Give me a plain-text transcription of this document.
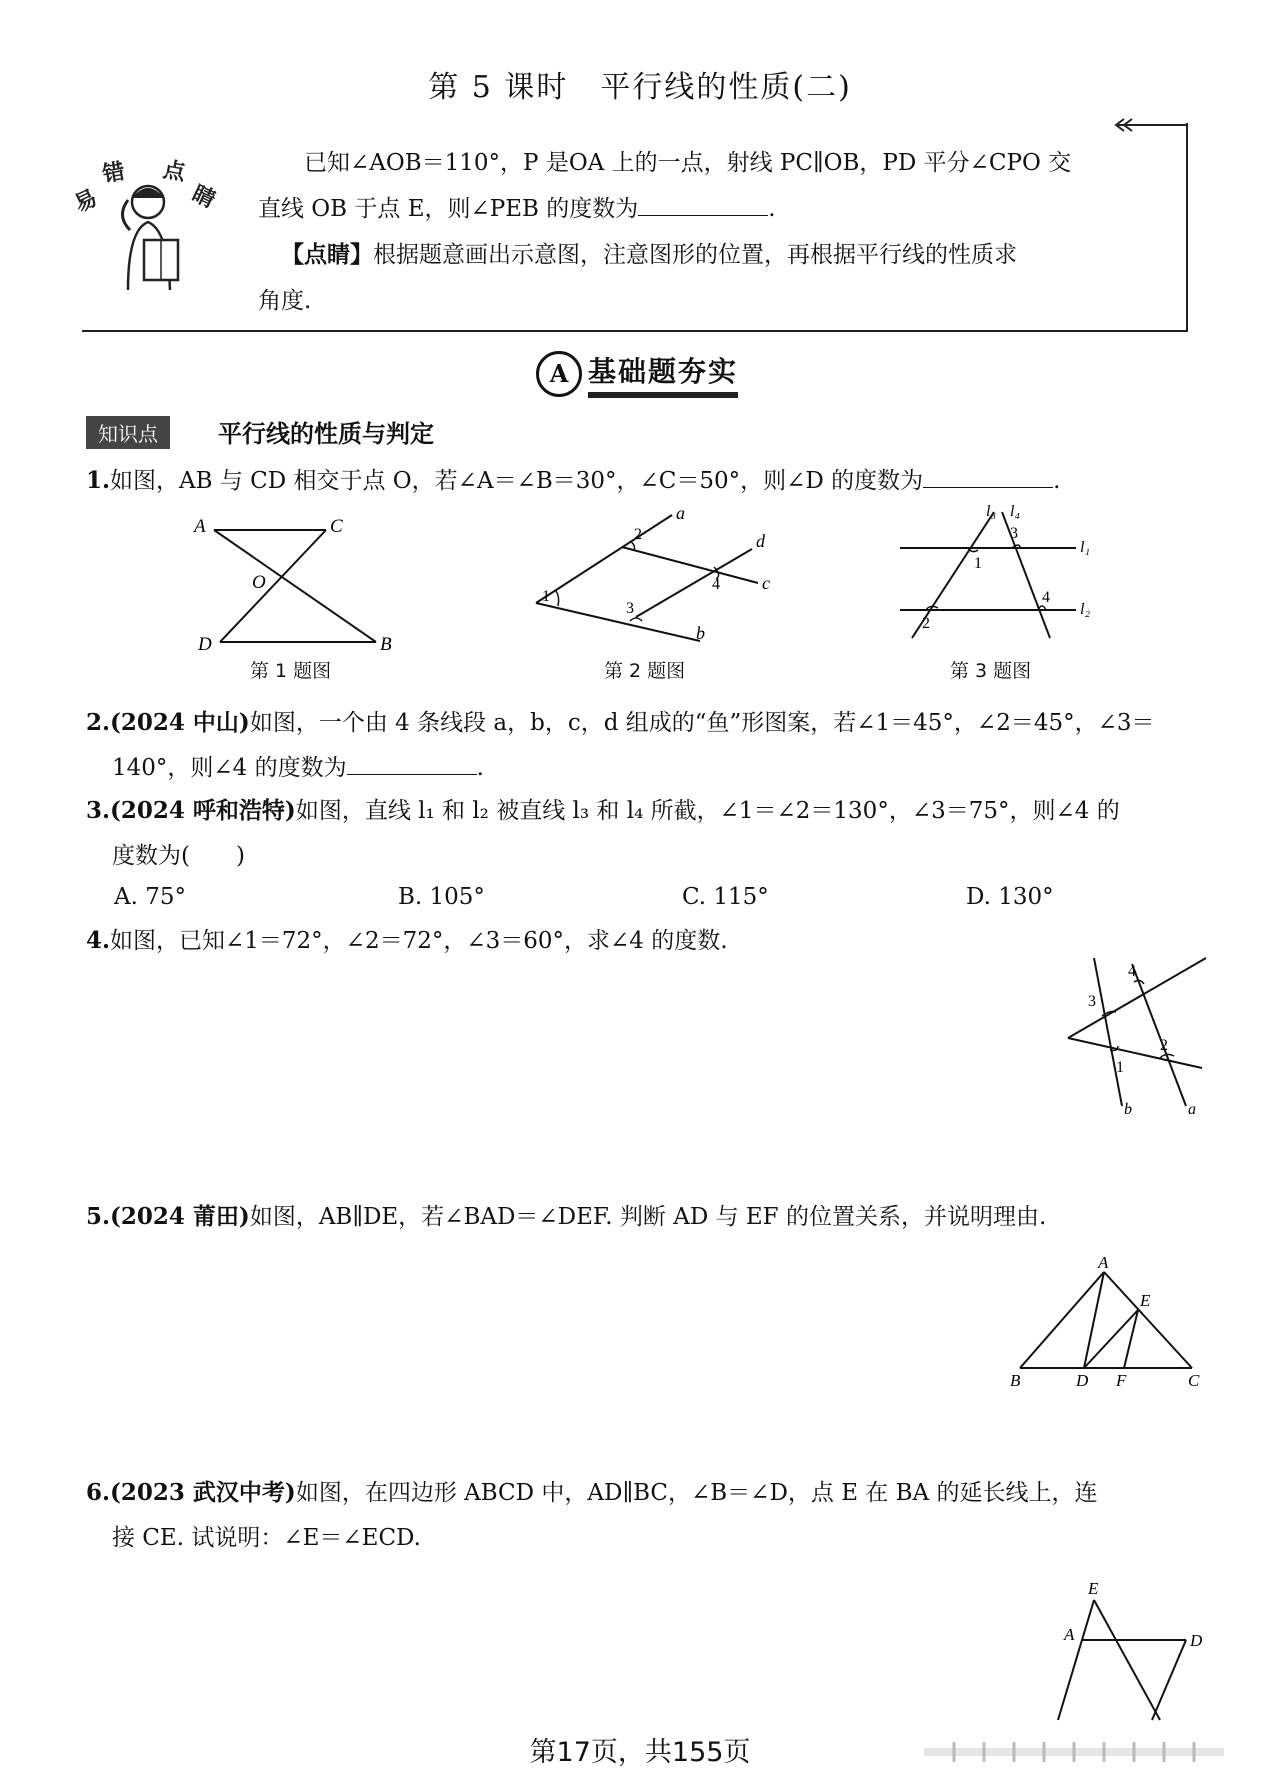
第 5 课时　平行线的性质(二)
易
错 点
睛
已知∠AOB＝110°，P 是OA 上的一点，射线 PC∥OB，PD 平分∠CPO 交
直线 OB 于点 E，则∠PEB 的度数为	.
【点睛】根据题意画出示意图，注意图形的位置，再根据平行线的性质求
角度.
A 基础题夯实
知识点	平行线的性质与判定
1.如图，AB 与 CD 相交于点 O，若∠A＝∠B＝30°，∠C＝50°，则∠D 的度数为	.
A	C
O
D	B
第 1 题图
a
d
c
b
1
2
3
4
第 2 题图
l₃ l₄
l₁
l₂
1
2
3
4
第 3 题图
2.(2024 中山)如图，一个由 4 条线段 a，b，c，d 组成的“鱼”形图案，若∠1＝45°，∠2＝45°，∠3＝
140°，则∠4 的度数为	.
3.(2024 呼和浩特)如图，直线 l₁ 和 l₂ 被直线 l₃ 和 l₄ 所截，∠1＝∠2＝130°，∠3＝75°，则∠4 的
度数为(　　)
A. 75°	B. 105°	C. 115°	D. 130°
4.如图，已知∠1＝72°，∠2＝72°，∠3＝60°，求∠4 的度数.
4
3
2
1
b	a
5.(2024 莆田)如图，AB∥DE，若∠BAD＝∠DEF. 判断 AD 与 EF 的位置关系，并说明理由.
A
E
B	D F	C
6.(2023 武汉中考)如图，在四边形 ABCD 中，AD∥BC，∠B＝∠D，点 E 在 BA 的延长线上，连
接 CE. 试说明：∠E＝∠ECD.
E
A	D
第17页，共155页
